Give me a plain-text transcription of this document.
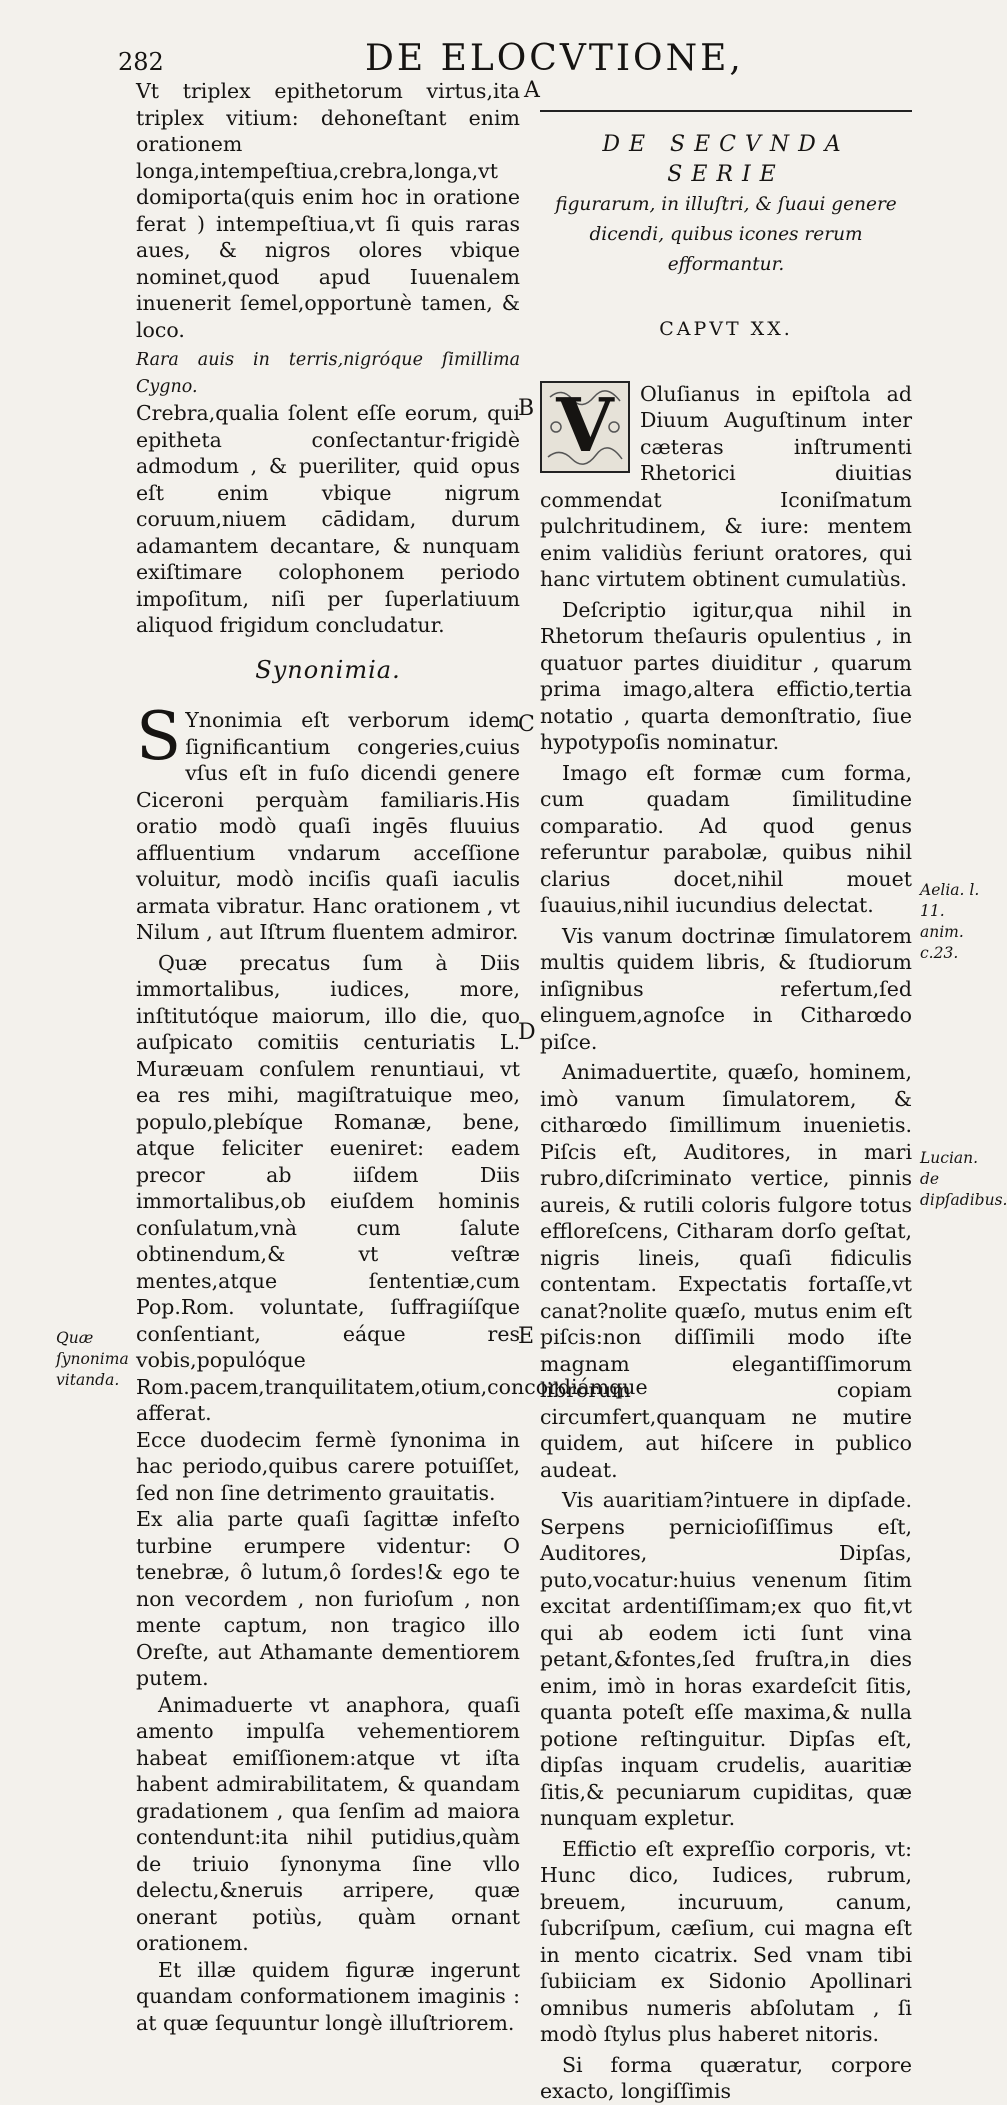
282	DE ELOCVTIONE,

Vt triplex epithetorum virtus,ita triplex vitium: dehoneſtant enim orationem longa,intempeſtiua,crebra,longa,vt domiporta(quis enim hoc in oratione ferat ) intempeſtiua,vt ſi quis raras aues, & nigros olores vbique nominet,quod apud Iuuenalem inuenerit ſemel,opportunè tamen, & loco.

Rara auis in terris,nigróque ſimillima Cygno.

Crebra,qualia ſolent eſſe eorum, qui epitheta conſectantur·frigidè admodum , & pueriliter, quid opus eſt enim vbique nigrum coruum,niuem cādidam, durum adamantem decantare, & nunquam exiſtimare colophonem periodo impoſitum, niſi per ſuperlatiuum aliquod frigidum concludatur.

Synonimia.

S Ynonimia eſt verborum idem ſignificantium congeries,cuius vſus eſt in fuſo dicendi genere Ciceroni perquàm familiaris.His oratio modò quaſi ingēs fluuius affluentium vndarum acceſſione voluitur, modò inciſis quaſi iaculis armata vibratur. Hanc orationem , vt Nilum , aut Iſtrum fluentem admiror.

Quæ precatus ſum à Diis immortalibus, iudices, more, inſtitutóque maiorum, illo die, quo auſpicato comitiis centuriatis L. Muræuam conſulem renuntiaui, vt ea res mihi, magiſtratuique meo, populo,plebíque Romanæ, bene, atque feliciter eueniret: eadem precor ab iiſdem Diis immortalibus,ob eiuſdem hominis conſulatum,vnà cum ſalute obtinendum,& vt veſtræ mentes,atque ſententiæ,cum Pop.Rom. voluntate, ſuffragiíſque conſentiant, eáque res vobis,populóque Rom.pacem,tranquilitatem,otium,concordiámque afferat.

Ecce duodecim fermè ſynonima in hac periodo,quibus carere potuiſſet, ſed non ſine detrimento grauitatis.

Ex alia parte quaſi ſagittæ infeſto turbine erumpere videntur: O tenebræ, ô lutum,ô ſordes!& ego te non vecordem , non furioſum , non mente captum, non tragico illo Oreſte, aut Athamante dementiorem putem.

Animaduerte vt anaphora, quaſi amento impulſa vehementiorem habeat emiſſionem:atque vt iſta habent admirabilitatem, & quandam gradationem , qua ſenſim ad maiora contendunt:ita nihil putidius,quàm de triuio ſynonyma ſine vllo delectu,&neruis arripere, quæ onerant potiùs, quàm ornant orationem.

Et illæ quidem figuræ ingerunt quandam conformationem imaginis : at quæ ſequuntur longè illuſtriorem.

DE SECVNDA SERIE
figurarum, in illuſtri, & ſuaui genere dicendi, quibus icones rerum efformantur.
CAPVT XX.

V	Oluſianus in epiſtola ad Diuum Auguſtinum inter cæteras inſtrumenti Rhetorici diuitias commendat Iconiſmatum pulchritudinem, & iure: mentem enim validiùs feriunt oratores, qui hanc virtutem obtinent cumulatiùs.

Deſcriptio igitur,qua nihil in Rhetorum theſauris opulentius , in quatuor partes diuiditur , quarum prima imago,altera effictio,tertia notatio , quarta demonſtratio, ſiue hypotypoſis nominatur.

Imago eſt formæ cum forma, cum quadam ſimilitudine comparatio. Ad quod genus referuntur parabolæ, quibus nihil clarius docet,nihil mouet ſuauius,nihil iucundius delectat.

Vis vanum doctrinæ ſimulatorem multis quidem libris, & ſtudiorum inſignibus refertum,ſed elinguem,agnoſce in Citharœdo piſce.

Animaduertite, quæſo, hominem, imò vanum ſimulatorem, & citharœdo ſimillimum inuenietis. Piſcis eſt, Auditores, in mari rubro,diſcriminato vertice, pinnis aureis, & rutili coloris fulgore totus effloreſcens, Citharam dorſo geſtat, nigris lineis, quaſi fidiculis contentam. Expectatis fortaſſe,vt canat?nolite quæſo, mutus enim eſt piſcis:non diſſimili modo iſte magnam elegantiſſimorum librorum copiam circumfert,quanquam ne mutire quidem, aut hiſcere in publico audeat.

Vis auaritiam?intuere in dipſade. Serpens pernicioſiſſimus eſt, Auditores, Dipſas, puto,vocatur:huius venenum ſitim excitat ardentiſſimam;ex quo fit,vt qui ab eodem icti ſunt vina petant,&fontes,ſed fruſtra,in dies enim, imò in horas exardeſcit ſitis, quanta poteſt eſſe maxima,& nulla potione reſtinguitur. Dipſas eſt, dipſas inquam crudelis, auaritiæ ſitis,& pecuniarum cupiditas, quæ nunquam expletur.

Effictio eſt expreſſio corporis, vt: Hunc dico, Iudices, rubrum, breuem, incuruum, canum, ſubcriſpum, cæſium, cui magna eſt in mento cicatrix. Sed vnam tibi ſubiiciam ex Sidonio Apollinari omnibus numeris abſolutam , ſi modò ſtylus plus haberet nitoris.

Si forma quæratur, corpore exacto, longiſſimis

A
B
C
D
E
Quæ ſynonima vitanda.
Aelia. l. 11. anim. c.23.
Lucian. de dipſadibus.
